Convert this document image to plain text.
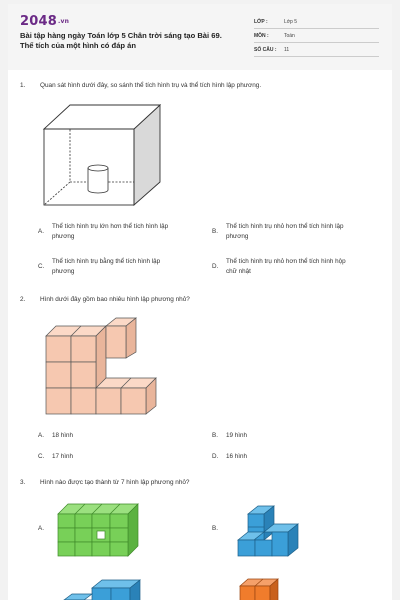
$2048^{.vn}$
Bài tập hàng ngày Toán lớp 5 Chân trời sáng tạo Bài 69.
Thể tích của một hình có đáp án
LỚP :	Lớp 5
MÔN :	Toán
SỐ CÂU : 11
1. Quan sát hình dưới đây, so sánh thể tích hình trụ và thể tích hình lập phương.
A.
Thể tích hình trụ lớn hơn thể tích hình lập
phương
B.
Thể tích hình trụ nhỏ hơn thể tích hình lập
phương
C.
Thể tích hình trụ bằng thể tích hình lập
phương
D.
Thể tích hình trụ nhỏ hơn thể tích hình hộp
chữ nhật
2. Hình dưới đây gồm bao nhiêu hình lập phương nhỏ?
A. 18 hình	B. 19 hình
C. 17 hình	D. 16 hình
3. Hình nào được tạo thành từ 7 hình lập phương nhỏ?
A.	B.
